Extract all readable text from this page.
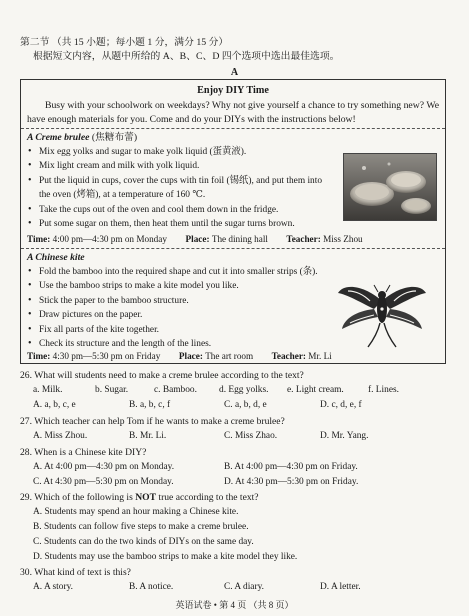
第二节 （共 15 小题；每小题 1 分，满分 15 分）
根据短文内容，从题中所给的 A、B、C、D 四个选项中选出最佳选项。
A
Enjoy DIY Time
Busy with your schoolwork on weekdays? Why not give yourself a chance to try something new? We have enough materials for you. Come and do your DIYs with the instructions below!
A Creme brulee (焦糖布蕾)
• Mix egg yolks and sugar to make yolk liquid (蛋黄液).
• Mix light cream and milk with yolk liquid.
• Put the liquid in cups, cover the cups with tin foil (锡纸), and put them into the oven (烤箱), at a temperature of 160 ℃.
• Take the cups out of the oven and cool them down in the fridge.
• Put some sugar on them, then heat them until the sugar turns brown.
Time: 4:00 pm—4:30 pm on Monday Place: The dining hall Teacher: Miss Zhou
A Chinese kite
• Fold the bamboo into the required shape and cut it into smaller strips (条).
• Use the bamboo strips to make a kite model you like.
• Stick the paper to the bamboo structure.
• Draw pictures on the paper.
• Fix all parts of the kite together.
• Check its structure and the length of the lines.
Time: 4:30 pm—5:30 pm on Friday Place: The art room Teacher: Mr. Li
26. What will students need to make a creme brulee according to the text?
a. Milk.	b. Sugar.	c. Bamboo. d. Egg yolks. e. Light cream.	f. Lines.
A. a, b, c, e	B. a, b, c, f	C. a, b, d, e	D. c, d, e, f
27. Which teacher can help Tom if he wants to make a creme brulee?
A. Miss Zhou.	B. Mr. Li.	C. Miss Zhao.	D. Mr. Yang.
28. When is a Chinese kite DIY?
A. At 4:00 pm—4:30 pm on Monday.	B. At 4:00 pm—4:30 pm on Friday.
C. At 4:30 pm—5:30 pm on Monday.	D. At 4:30 pm—5:30 pm on Friday.
29. Which of the following is NOT true according to the text?
A. Students may spend an hour making a Chinese kite.
B. Students can follow five steps to make a creme brulee.
C. Students can do the two kinds of DIYs on the same day.
D. Students may use the bamboo strips to make a kite model they like.
30. What kind of text is this?
A. A story.	B. A notice.	C. A diary.	D. A letter.
英语试卷 • 第 4 页 （共 8 页）
